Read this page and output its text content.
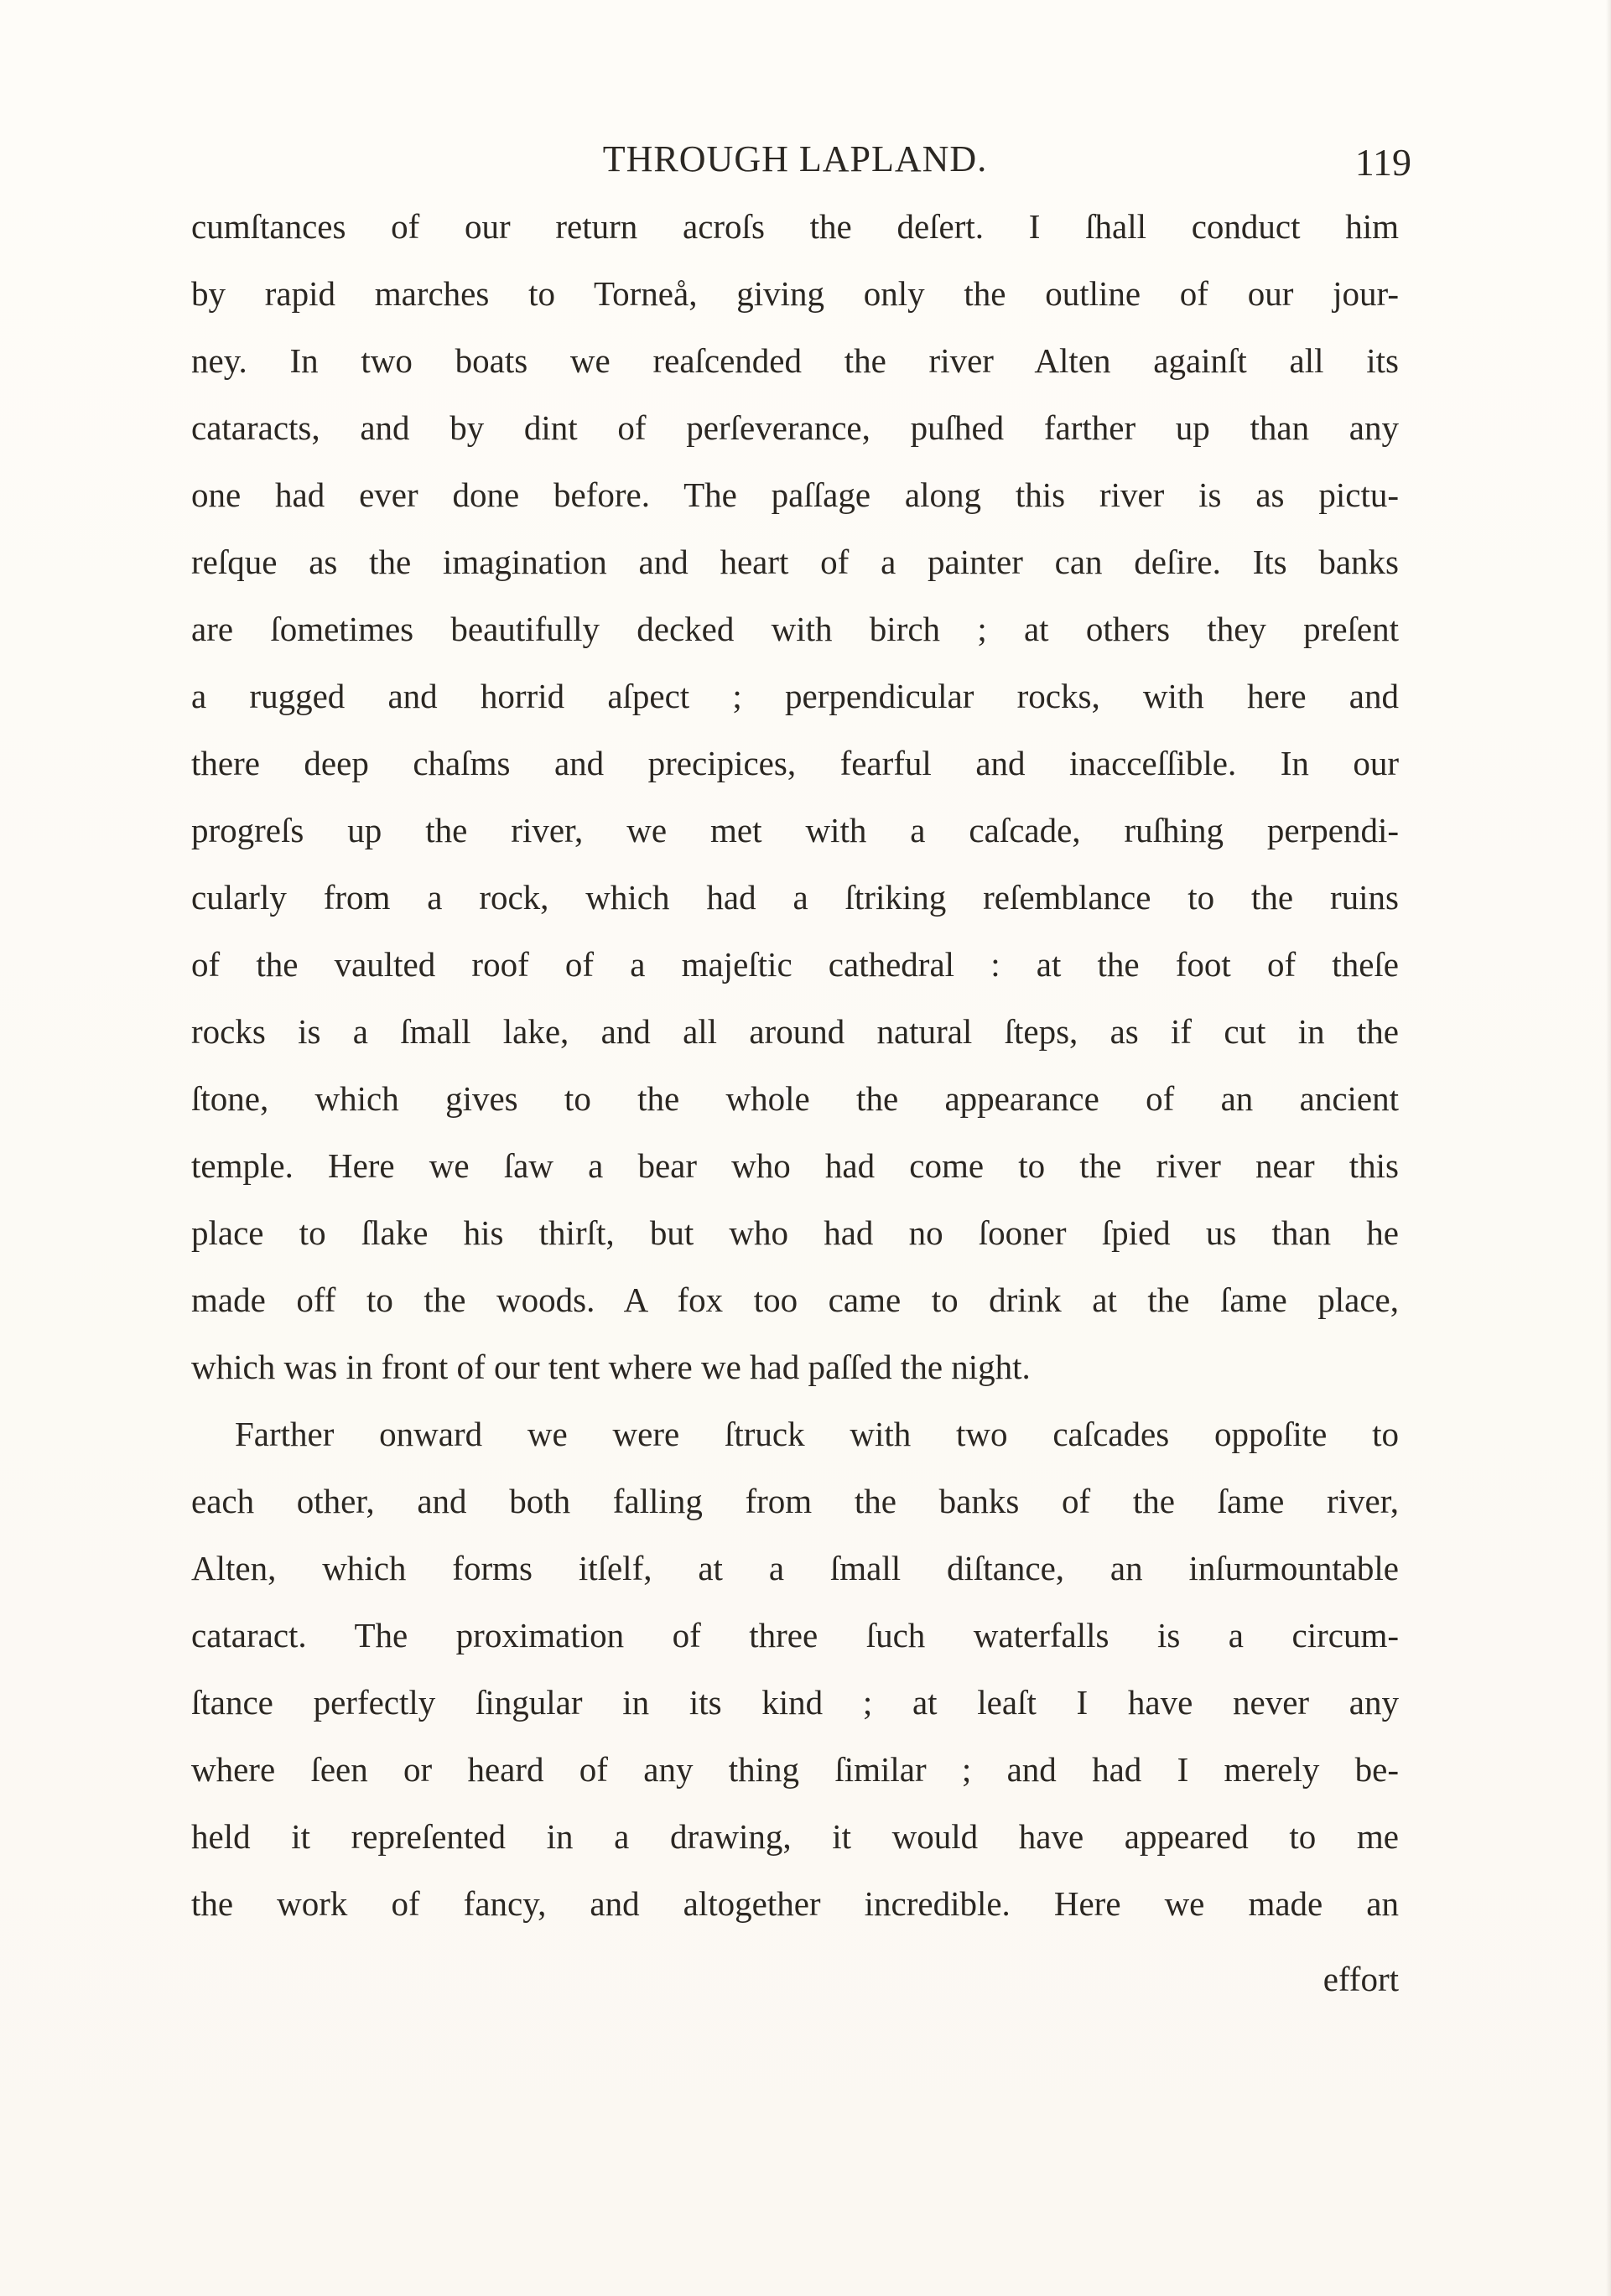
THROUGH LAPLAND.	119
cumſtances of our return acroſs the deſert. I ſhall conduct him
by rapid marches to Torneå, giving only the outline of our jour-
ney. In two boats we reaſcended the river Alten againſt all its
cataracts, and by dint of perſeverance, puſhed farther up than any
one had ever done before. The paſſage along this river is as pictu-
reſque as the imagination and heart of a painter can deſire. Its banks
are ſometimes beautifully decked with birch ; at others they preſent
a rugged and horrid aſpect ; perpendicular rocks, with here and
there deep chaſms and precipices, fearful and inacceſſible. In our
progreſs up the river, we met with a caſcade, ruſhing perpendi-
cularly from a rock, which had a ſtriking reſemblance to the ruins
of the vaulted roof of a majeſtic cathedral : at the foot of theſe
rocks is a ſmall lake, and all around natural ſteps, as if cut in the
ſtone, which gives to the whole the appearance of an ancient
temple. Here we ſaw a bear who had come to the river near this
place to ſlake his thirſt, but who had no ſooner ſpied us than he
made off to the woods. A fox too came to drink at the ſame place,
which was in front of our tent where we had paſſed the night.
Farther onward we were ſtruck with two caſcades oppoſite to
each other, and both falling from the banks of the ſame river,
Alten, which forms itſelf, at a ſmall diſtance, an inſurmountable
cataract. The proximation of three ſuch waterfalls is a circum-
ſtance perfectly ſingular in its kind ; at leaſt I have never any
where ſeen or heard of any thing ſimilar ; and had I merely be-
held it repreſented in a drawing, it would have appeared to me
the work of fancy, and altogether incredible. Here we made an
effort
